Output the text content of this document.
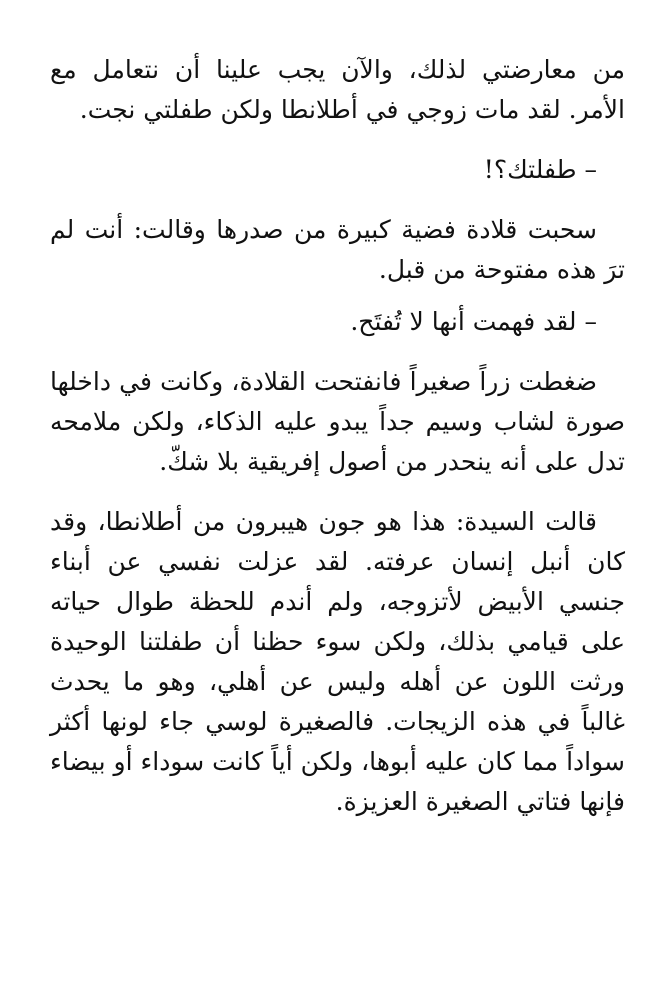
من معارضتي لذلك، والآن يجب علينا أن نتعامل مع الأمر. لقد مات زوجي في أطلانطا ولكن طفلتي نجت.

– طفلتك؟!

سحبت قلادة فضية كبيرة من صدرها وقالت: أنت لم ترَ هذه مفتوحة من قبل.

– لقد فهمت أنها لا تُفتَح.

ضغطت زراً صغيراً فانفتحت القلادة، وكانت في داخلها صورة لشاب وسيم جداً يبدو عليه الذكاء، ولكن ملامحه تدل على أنه ينحدر من أصول إفريقية بلا شكّ.

قالت السيدة: هذا هو جون هيبرون من أطلانطا، وقد كان أنبل إنسان عرفته. لقد عزلت نفسي عن أبناء جنسي الأبيض لأتزوجه، ولم أندم للحظة طوال حياته على قيامي بذلك، ولكن سوء حظنا أن طفلتنا الوحيدة ورثت اللون عن أهله وليس عن أهلي، وهو ما يحدث غالباً في هذه الزيجات. فالصغيرة لوسي جاء لونها أكثر سواداً مما كان عليه أبوها، ولكن أياً كانت سوداء أو بيضاء فإنها فتاتي الصغيرة العزيزة.
